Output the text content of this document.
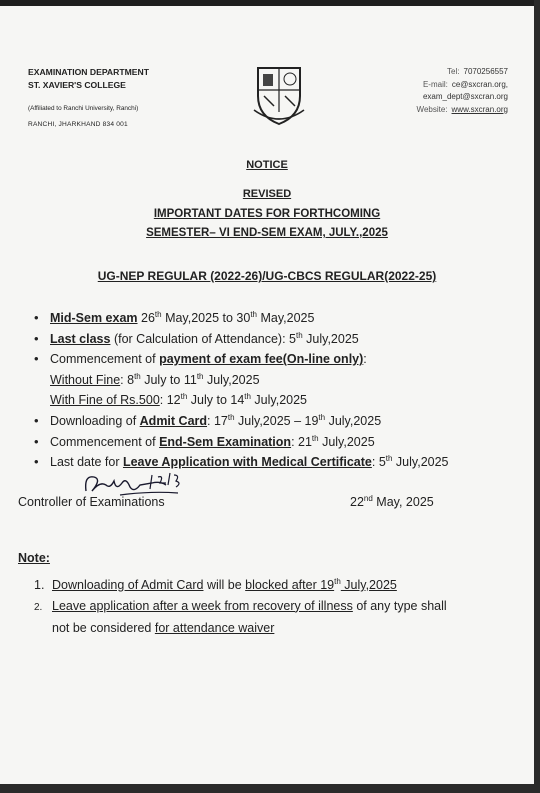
EXAMINATION DEPARTMENT
ST. XAVIER'S COLLEGE
(Affiliated to Ranchi University, Ranchi)
RANCHI, JHARKHAND 834 001
Tel: 7070256557
E-mail: ce@sxcran.org,
exam_dept@sxcran.org
Website: www.sxcran.org
NOTICE
REVISED
IMPORTANT DATES FOR FORTHCOMING
SEMESTER– VI END-SEM EXAM, JULY.,2025
UG-NEP REGULAR (2022-26)/UG-CBCS REGULAR(2022-25)
• Mid-Sem exam 26th May,2025 to 30th May,2025
• Last class (for Calculation of Attendance): 5th July,2025
• Commencement of payment of exam fee(On-line only):
Without Fine: 8th July to 11th July,2025
With Fine of Rs.500: 12th July to 14th July,2025
• Downloading of Admit Card: 17th July,2025 – 19th July,2025
• Commencement of End-Sem Examination: 21th July,2025
• Last date for Leave Application with Medical Certificate: 5th July,2025
Controller of Examinations	22nd May, 2025
Note:
1. Downloading of Admit Card will be blocked after 19th July,2025
2. Leave application after a week from recovery of illness of any type shall
not be considered for attendance waiver
